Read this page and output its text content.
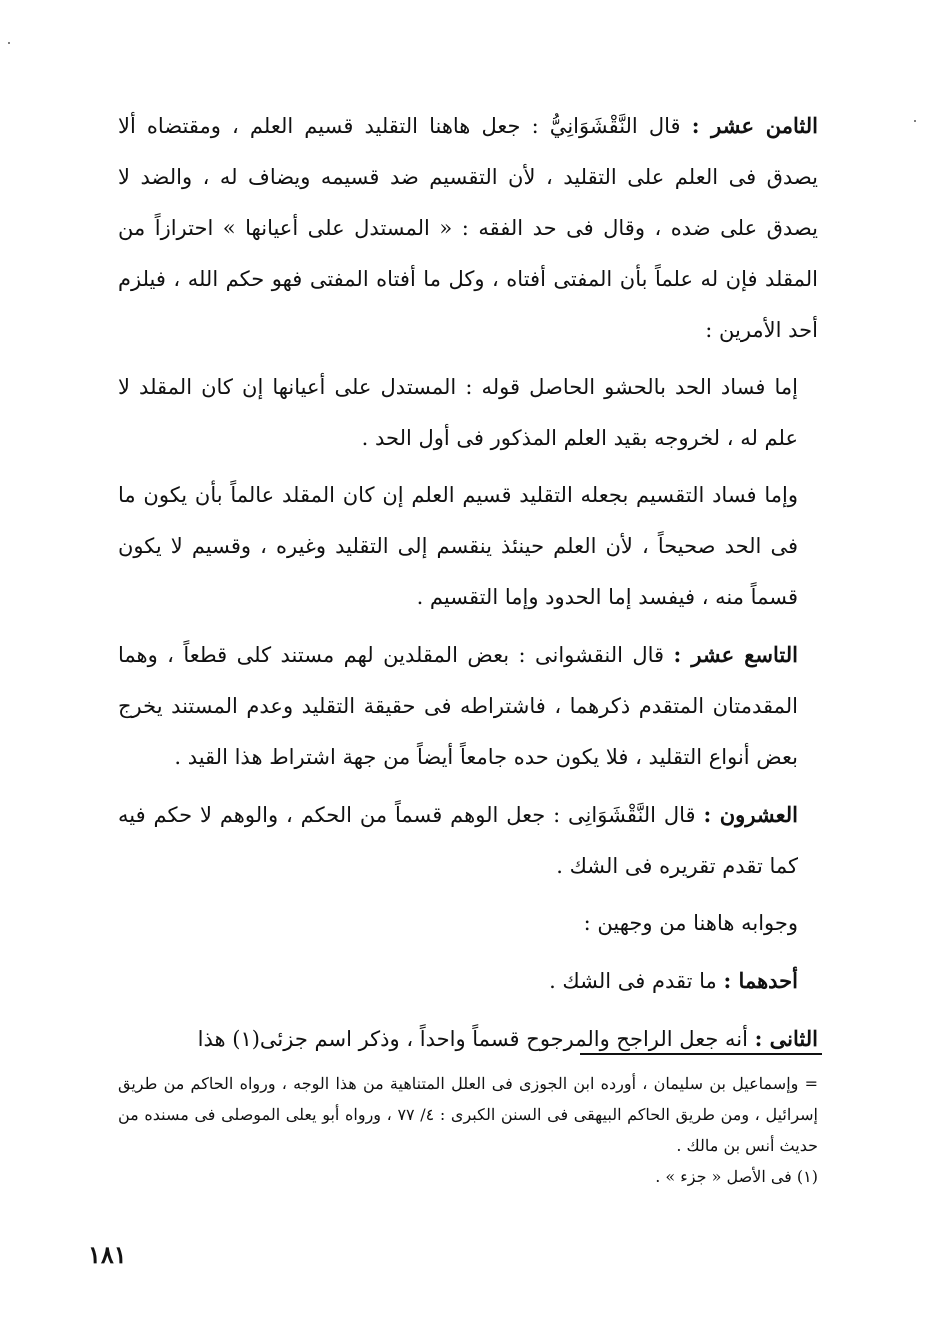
الثامن عشر : قال النَّقْشَوَانِيُّ : جعل هاهنا التقليد قسيم العلم ، ومقتضاه ألا يصدق فى العلم على التقليد ، لأن التقسيم ضد قسيمه ويضاف له ، والضد لا يصدق على ضده ، وقال فى حد الفقه : « المستدل على أعيانها » احترازاً من المقلد فإن له علماً بأن المفتى أفتاه ، وكل ما أفتاه المفتى فهو حكم الله ، فيلزم أحد الأمرين :

إما فساد الحد بالحشو الحاصل قوله : المستدل على أعيانها إن كان المقلد لا علم له ، لخروجه بقيد العلم المذكور فى أول الحد .

وإما فساد التقسيم بجعله التقليد قسيم العلم إن كان المقلد عالماً بأن يكون ما فى الحد صحيحاً ، لأن العلم حينئذ ينقسم إلى التقليد وغيره ، وقسيم لا يكون قسماً منه ، فيفسد إما الحدود وإما التقسيم .

التاسع عشر : قال النقشوانى : بعض المقلدين لهم مستند كلى قطعاً ، وهما المقدمتان المتقدم ذكرهما ، فاشتراطه فى حقيقة التقليد وعدم المستند يخرج بعض أنواع التقليد ، فلا يكون حده جامعاً أيضاً من جهة اشتراط هذا القيد .

العشرون : قال النَّقْشَوَانِى : جعل الوهم قسماً من الحكم ، والوهم لا حكم فيه كما تقدم تقريره فى الشك .

وجوابه هاهنا من وجهين :

أحدهما : ما تقدم فى الشك .

الثانى : أنه جعل الراجح والمرجوح قسماً واحداً ، وذكر اسم جزئى(١) هذا

= وإسماعيل بن سليمان ، أورده ابن الجوزى فى العلل المتناهية من هذا الوجه ، ورواه الحاكم من طريق إسرائيل ، ومن طريق الحاكم البيهقى فى السنن الكبرى : ٤/ ٧٧ ، ورواه أبو يعلى الموصلى فى مسنده من حديث أنس بن مالك .

(١) فى الأصل « جزء » .

١٨١
